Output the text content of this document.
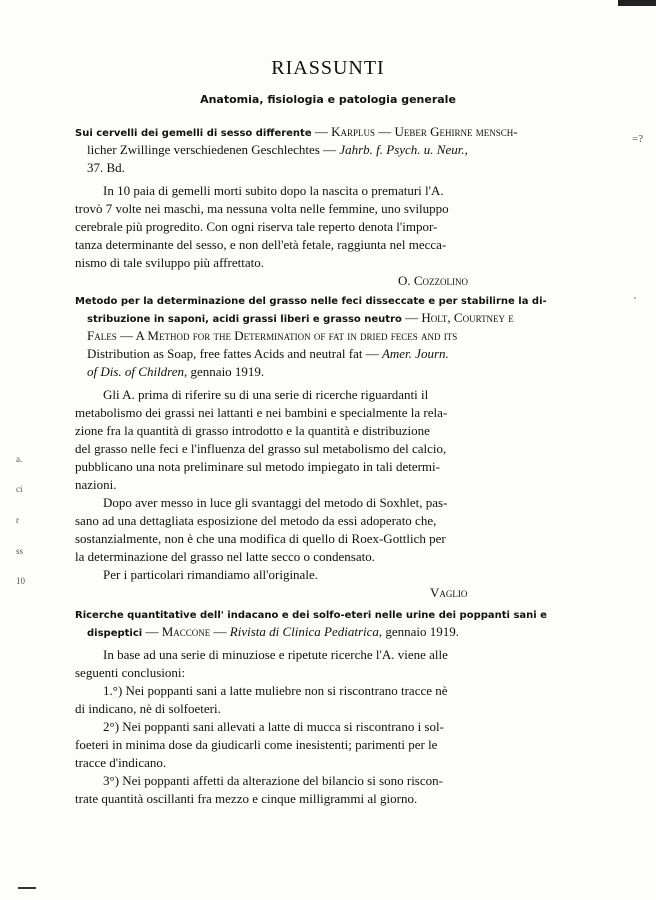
RIASSUNTI
Anatomia, fisiologia e patologia generale
Sui cervelli dei gemelli di sesso differente — Karplus — Ueber Gehirne mensch-
licher Zwillinge verschiedenen Geschlechtes — Jahrb. f. Psych. u. Neur.,
37. Bd.
In 10 paia di gemelli morti subito dopo la nascita o prematuri l'A.
trovò 7 volte nei maschi, ma nessuna volta nelle femmine, uno sviluppo
cerebrale più progredito. Con ogni riserva tale reperto denota l'impor-
tanza determinante del sesso, e non dell'età fetale, raggiunta nel mecca-
nismo di tale sviluppo più affrettato.
O. Cozzolino
Metodo per la determinazione del grasso nelle feci disseccate e per stabilirne la di-
stribuzione in saponi, acidi grassi liberi e grasso neutro — Holt, Courtney e
Fales — A Method for the Determination of fat in dried feces and its
Distribution as Soap, free fattes Acids and neutral fat — Amer. Journ.
of Dis. of Children, gennaio 1919.
Gli A. prima di riferire su di una serie di ricerche riguardanti il
metabolismo dei grassi nei lattanti e nei bambini e specialmente la rela-
zione fra la quantità di grasso introdotto e la quantità e distribuzione
del grasso nelle feci e l'influenza del grasso sul metabolismo del calcio,
pubblicano una nota preliminare sul metodo impiegato in tali determi-
nazioni.
Dopo aver messo in luce gli svantaggi del metodo di Soxhlet, pas-
sano ad una dettagliata esposizione del metodo da essi adoperato che,
sostanzialmente, non è che una modifica di quello di Roex-Gottlich per
la determinazione del grasso nel latte secco o condensato.
Per i particolari rimandiamo all'originale.
Vaglio
Ricerche quantitative dell' indacano e dei solfo-eteri nelle urine dei poppanti sani e
dispeptici — Maccone — Rivista di Clinica Pediatrica, gennaio 1919.
In base ad una serie di minuziose e ripetute ricerche l'A. viene alle
seguenti conclusioni:
1.°) Nei poppanti sani a latte muliebre non si riscontrano tracce nè
di indicano, nè di solfoeteri.
2°) Nei poppanti sani allevati a latte di mucca si riscontrano i sol-
foeteri in minima dose da giudicarli come inesistenti; parimenti per le
tracce d'indicano.
3°) Nei poppanti affetti da alterazione del bilancio si sono riscon-
trate quantità oscillanti fra mezzo e cinque milligrammi al giorno.
a.
ci
r
ss
10
=?
'
